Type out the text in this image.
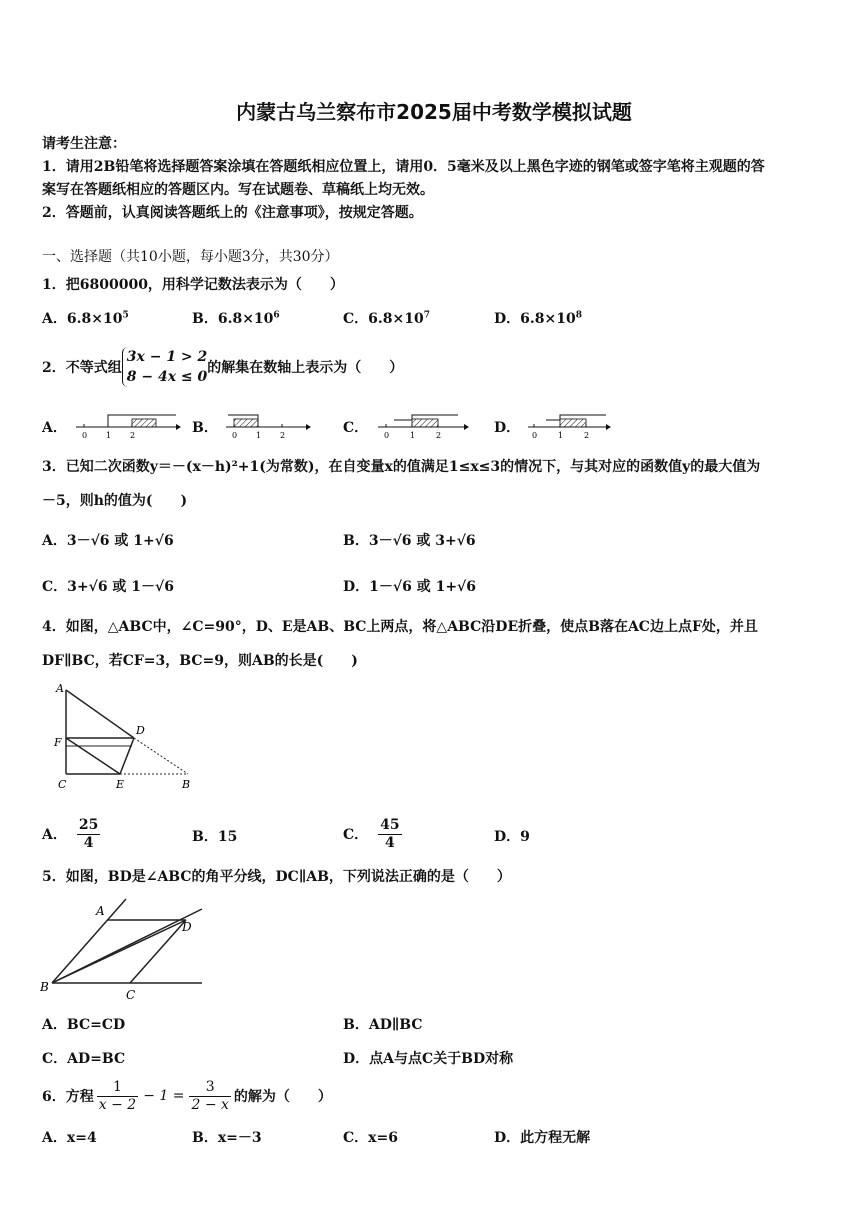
内蒙古乌兰察布市2025届中考数学模拟试题
请考生注意：
1．请用2B铅笔将选择题答案涂填在答题纸相应位置上，请用0．5毫米及以上黑色字迹的钢笔或签字笔将主观题的答
案写在答题纸相应的答题区内。写在试题卷、草稿纸上均无效。
2．答题前，认真阅读答题纸上的《注意事项》，按规定答题。
一、选择题（共10小题，每小题3分，共30分）
1．把6800000，用科学记数法表示为（　　）
A．$6.8\times 10^5$	B．$6.8\times 10^6$	C．$6.8\times 10^7$	D．$6.8\times 10^8$
2．不等式组
3x − 1 > 2
8 − 4x ≤ 0
的解集在数轴上表示为（　　）
A． 0 1 2	B． 0 1 2	C． 0	1	2	D． 0	1	2
3．已知二次函数y＝－(x－h)²+1(为常数)，在自变量x的值满足1≤x≤3的情况下，与其对应的函数值y的最大值为
－5，则h的值为(　　)
A．3－√6 或 1+√6	B．3－√6 或 3+√6
C．3+√6 或 1－√6	D．1－√6 或 1+√6
4．如图，△ABC中，∠C=90°，D、E是AB、BC上两点，将△ABC沿DE折叠，使点B落在AC边上点F处，并且
DF∥BC，若CF=3，BC=9，则AB的长是(　　)
A
D
F
C	E	B
A． $\frac{25}{4}$	B．15	C． $\frac{45}{4}$	D．9
5．如图，BD是∠ABC的角平分线，DC∥AB，下列说法正确的是（　　）
A
D
B
C
A．BC=CD	B．AD∥BC
C．AD=BC	D．点A与点C关于BD对称
6．方程 $\frac{1}{x - 2} - 1 = \frac{3}{2 - x}$ 的解为（　　）
A．x=4	B．x=－3	C．x=6	D．此方程无解
